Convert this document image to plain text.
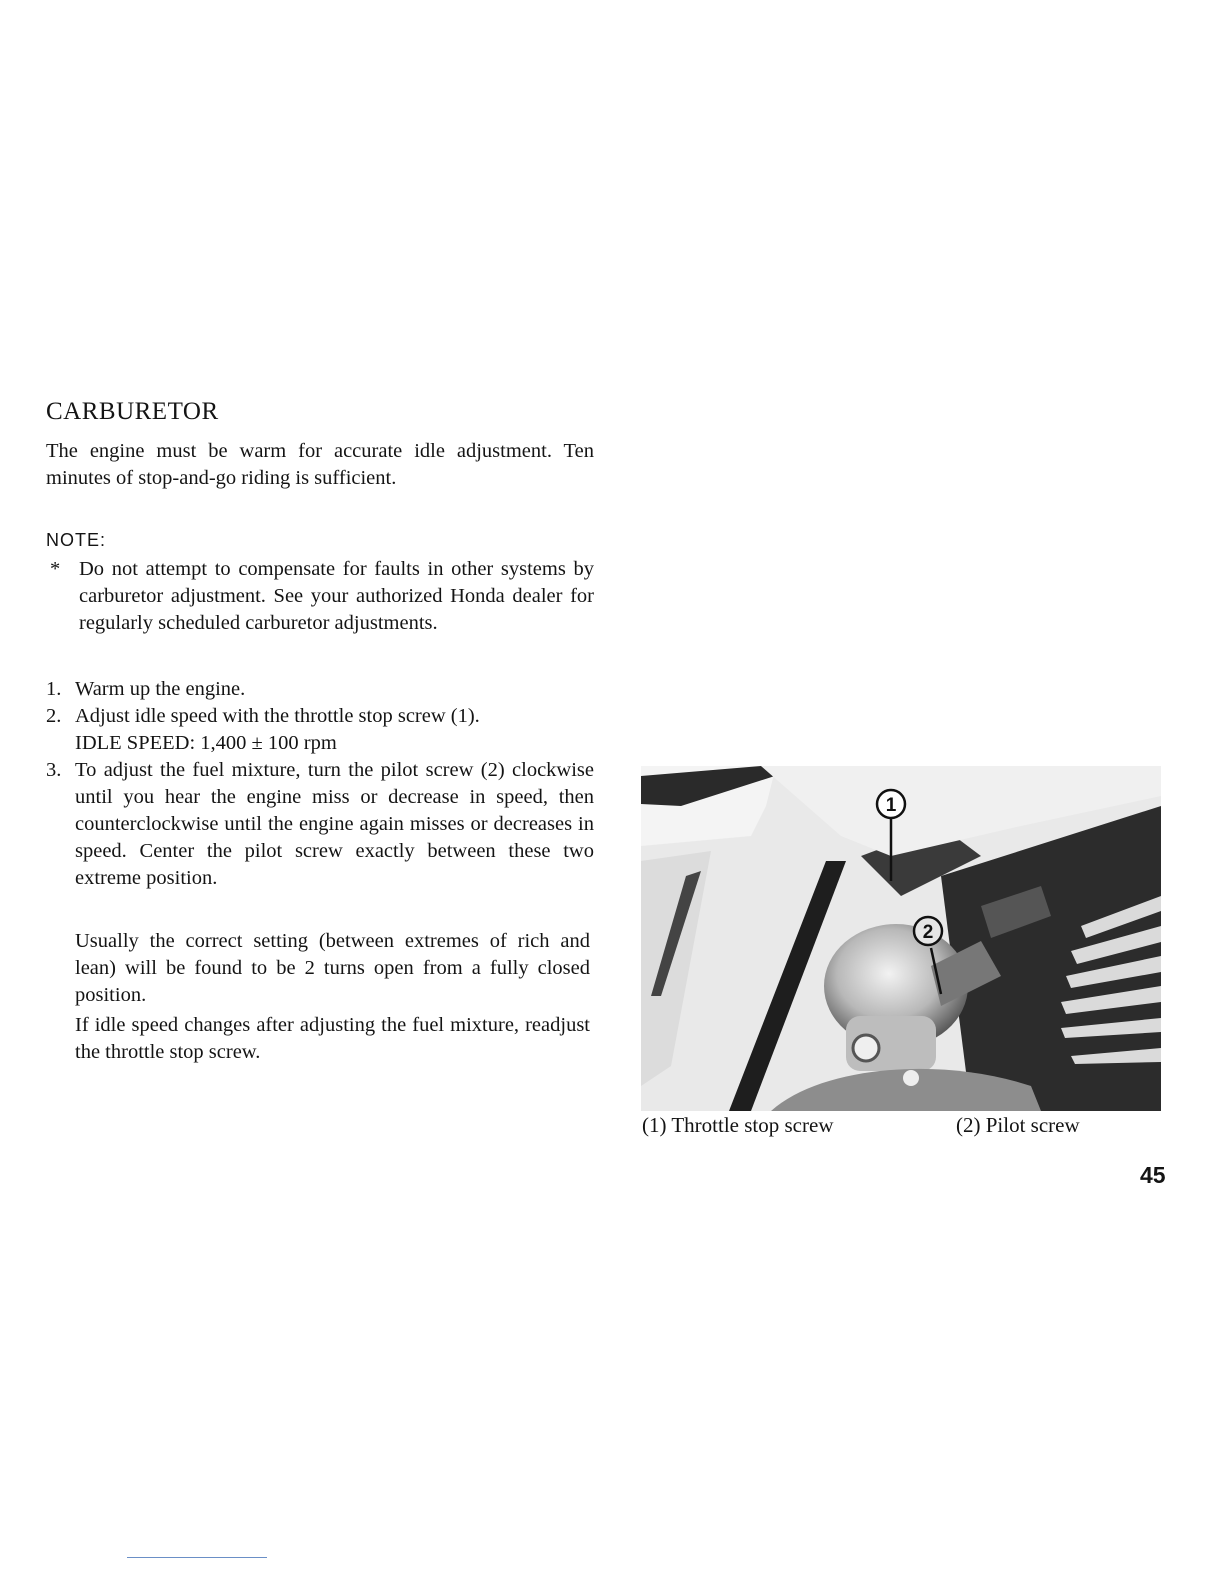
CARBURETOR

The engine must be warm for accurate idle adjustment. Ten minutes of stop-and-go riding is sufficient.

NOTE:
* Do not attempt to compensate for faults in other systems by carburetor adjustment. See your authorized Honda dealer for regularly scheduled carburetor adjustments.
1. Warm up the engine.
2. Adjust idle speed with the throttle stop screw (1).
IDLE SPEED: 1,400 ± 100 rpm
3. To adjust the fuel mixture, turn the pilot screw (2) clockwise until you hear the engine miss or decrease in speed, then counterclockwise until the engine again misses or decreases in speed. Center the pilot screw exactly between these two extreme position.
Usually the correct setting (between extremes of rich and lean) will be found to be 2 turns open from a fully closed position.
If idle speed changes after adjusting the fuel mixture, readjust the throttle stop screw.
1
2
(1) Throttle stop screw	(2) Pilot screw
45
